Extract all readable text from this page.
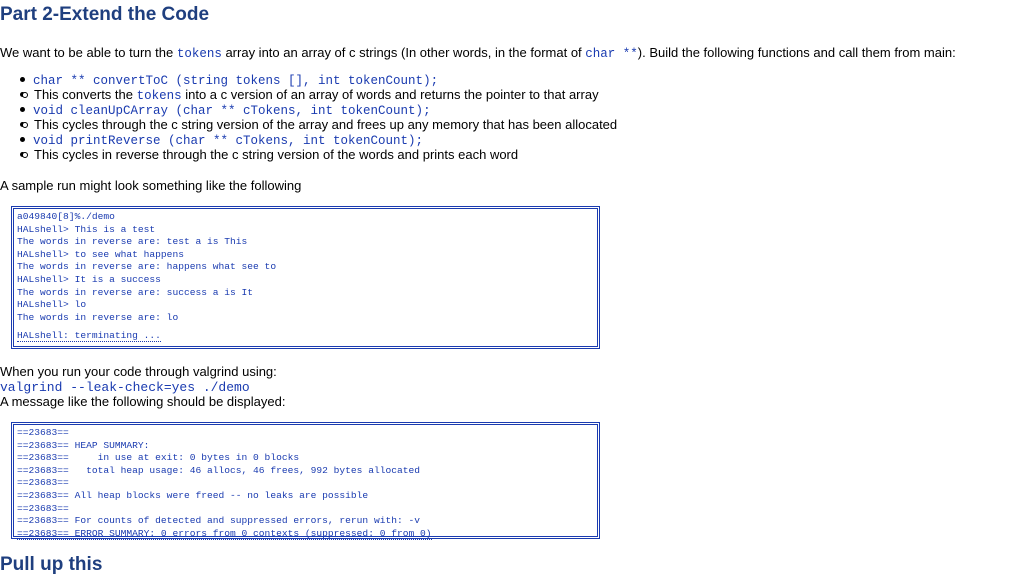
Part 2-Extend the Code
We want to be able to turn the tokens array into an array of c strings (In other words, in the format of char **). Build the following functions and call them from main:
char ** convertToC (string tokens [], int tokenCount);
This converts the tokens into a c version of an array of words and returns the pointer to that array
void cleanUpCArray (char ** cTokens, int tokenCount);
This cycles through the c string version of the array and frees up any memory that has been allocated
void printReverse (char ** cTokens, int tokenCount);
This cycles in reverse through the c string version of the words and prints each word
A sample run might look something like the following
a049840[8]%./demo
HALshell> This is a test
The words in reverse are: test a is This
HALshell> to see what happens
The words in reverse are: happens what see to
HALshell> It is a success
The words in reverse are: success a is It
HALshell> lo
The words in reverse are: lo
HALshell: terminating ...
When you run your code through valgrind using:
valgrind --leak-check=yes ./demo
A message like the following should be displayed:
==23683==
==23683== HEAP SUMMARY:
==23683==     in use at exit: 0 bytes in 0 blocks
==23683==   total heap usage: 46 allocs, 46 frees, 992 bytes allocated
==23683==
==23683== All heap blocks were freed -- no leaks are possible
==23683==
==23683== For counts of detected and suppressed errors, rerun with: -v
==23683== ERROR SUMMARY: 0 errors from 0 contexts (suppressed: 0 from 0)
Pull up this
